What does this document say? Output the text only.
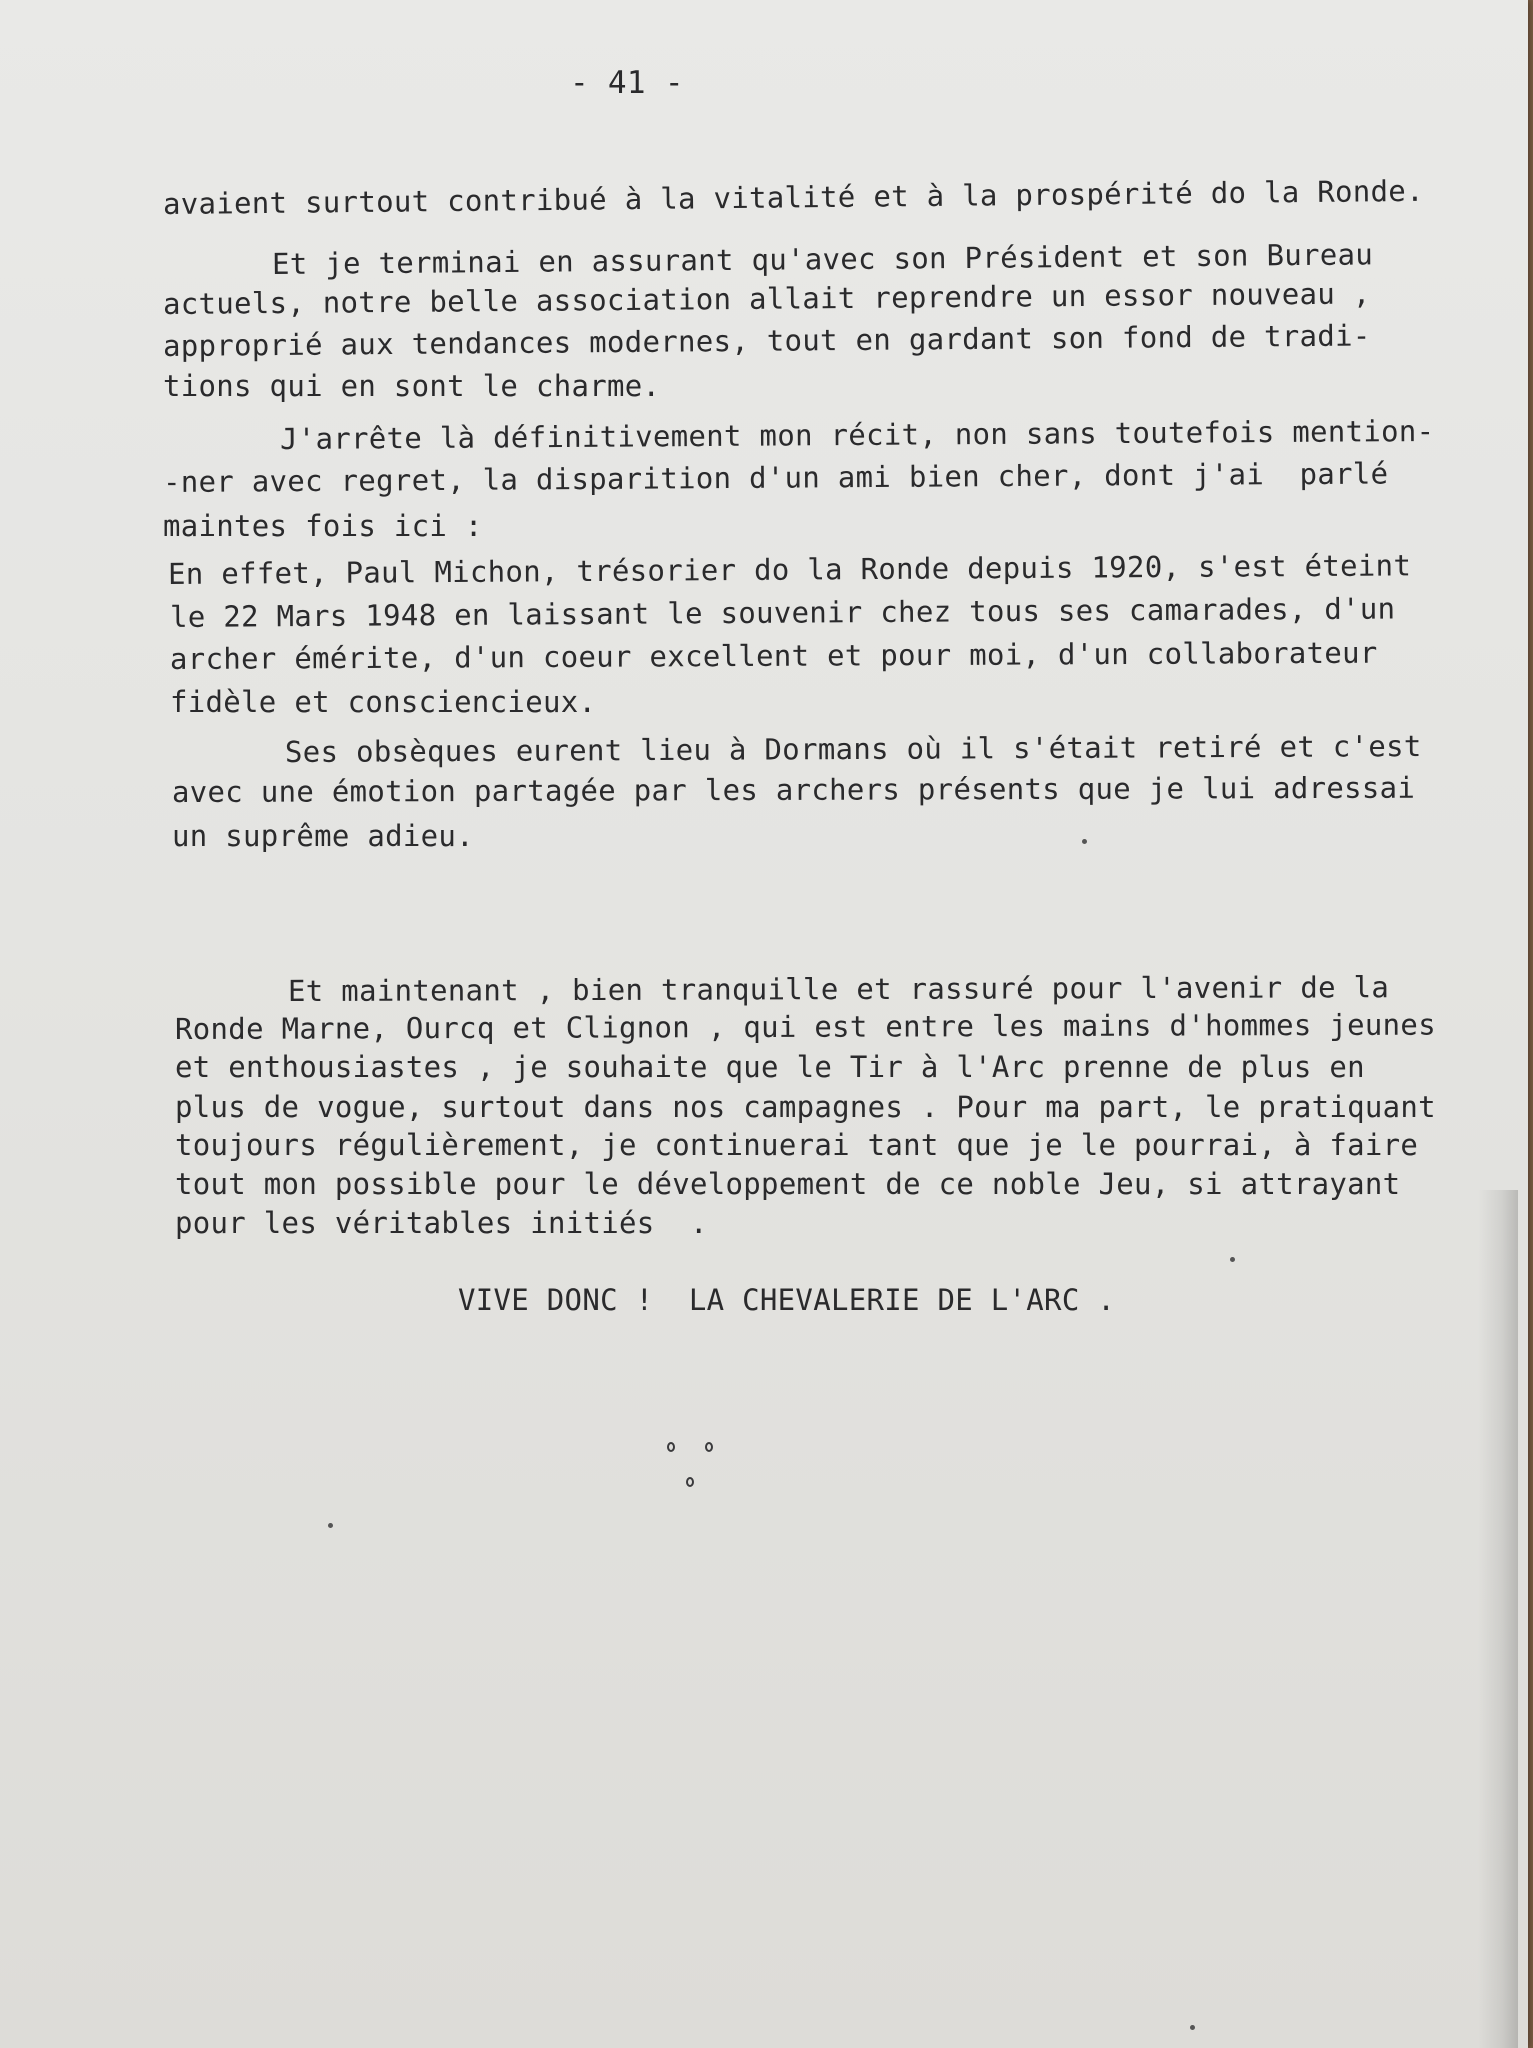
- 41 -
avaient surtout contribué à la vitalité et à la prospérité do la Ronde.
Et je terminai en assurant qu'avec son Président et son Bureau
actuels, notre belle association allait reprendre un essor nouveau ,
approprié aux tendances modernes, tout en gardant son fond de tradi-
tions qui en sont le charme.
J'arrête là définitivement mon récit, non sans toutefois mention-
-ner avec regret, la disparition d'un ami bien cher, dont j'ai  parlé
maintes fois ici :
En effet, Paul Michon, trésorier do la Ronde depuis 1920, s'est éteint
le 22 Mars 1948 en laissant le souvenir chez tous ses camarades, d'un
archer émérite, d'un coeur excellent et pour moi, d'un collaborateur
fidèle et consciencieux.
Ses obsèques eurent lieu à Dormans où il s'était retiré et c'est
avec une émotion partagée par les archers présents que je lui adressai
un suprême adieu.
Et maintenant , bien tranquille et rassuré pour l'avenir de la
Ronde Marne, Ourcq et Clignon , qui est entre les mains d'hommes jeunes
et enthousiastes , je souhaite que le Tir à l'Arc prenne de plus en
plus de vogue, surtout dans nos campagnes . Pour ma part, le pratiquant
toujours régulièrement, je continuerai tant que je le pourrai, à faire
tout mon possible pour le développement de ce noble Jeu, si attrayant
pour les véritables initiés  .
VIVE DONC !  LA CHEVALERIE DE L'ARC .
